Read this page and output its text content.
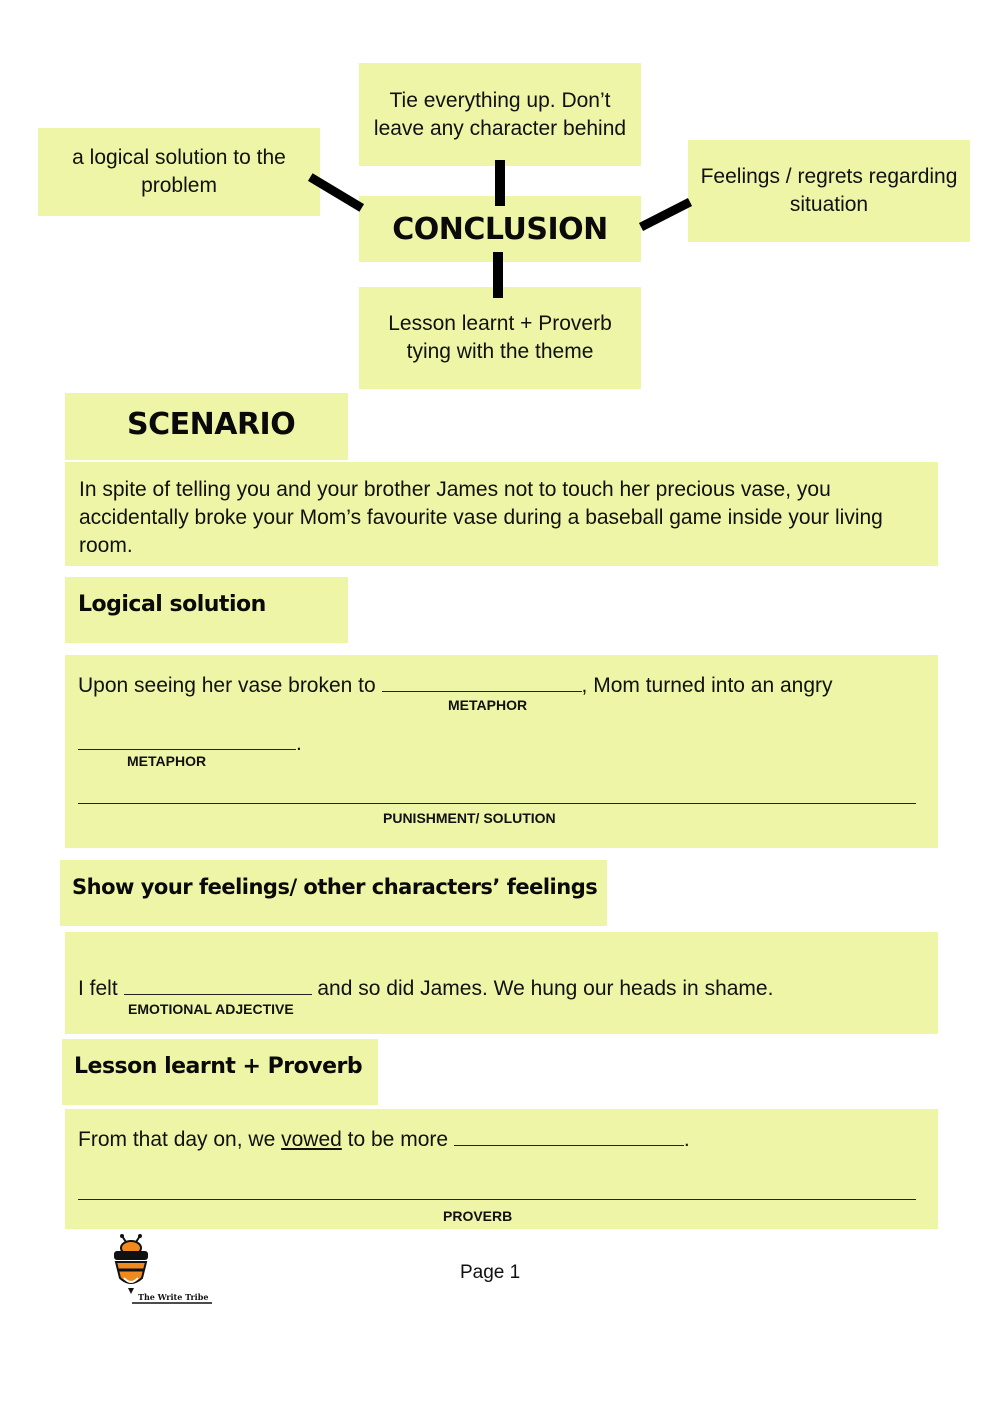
Tie everything up. Don’t leave any character behind
a logical solution to the problem	Feelings / regrets regarding situation
CONCLUSION
Lesson learnt + Proverb tying with the theme
SCENARIO
In spite of telling you and your brother James not to touch her precious vase, you accidentally broke your Mom’s favourite vase during a baseball game inside your living room.
Logical solution
Upon seeing her vase broken to	, Mom turned into an angry
METAPHOR
.
METAPHOR
PUNISHMENT/ SOLUTION
Show your feelings/ other characters’ feelings
I felt	and so did James. We hung our heads in shame.
EMOTIONAL ADJECTIVE
Lesson learnt + Proverb
From that day on, we vowed to be more	.
PROVERB
The Write Tribe
Page 1
